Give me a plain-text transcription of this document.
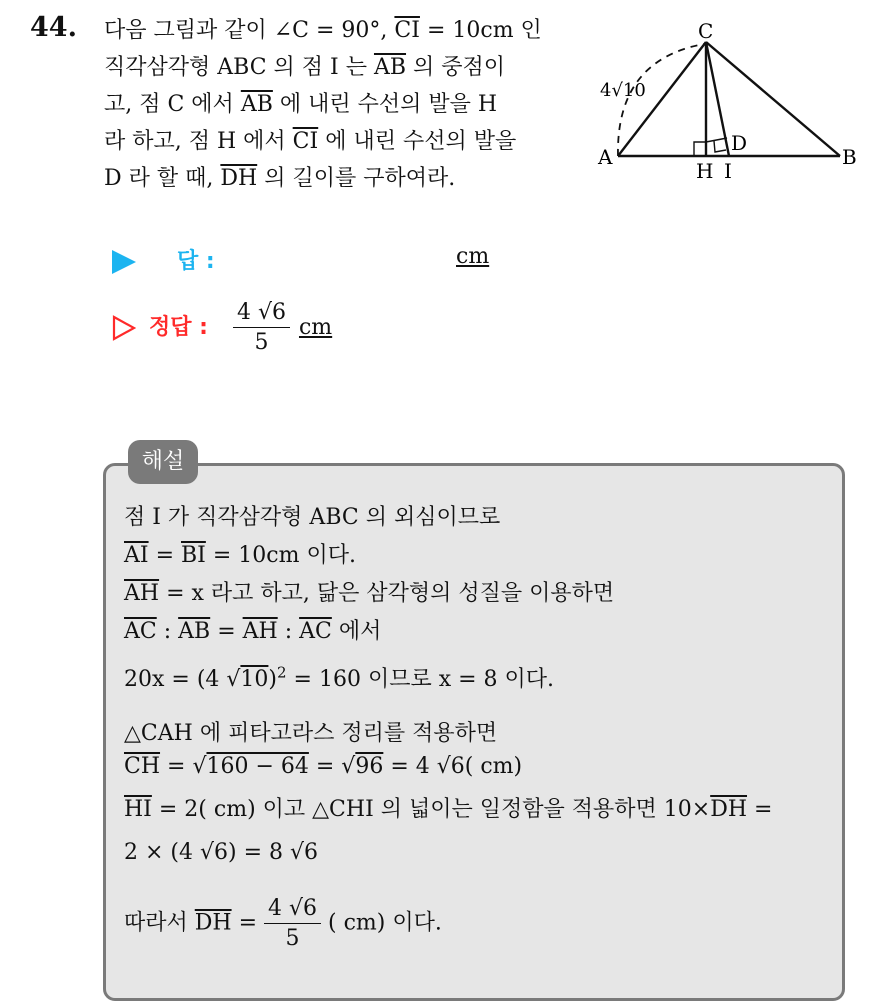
44. 다음 그림과 같이 ∠C = 90°, $\overline{CI} = 10cm$ 인
직각삼각형 ABC 의 점 I 는 $\overline{AB}$ 의 중점이
고, 점 C 에서 $\overline{AB}$ 에 내린 수선의 발을 H
라 하고, 점 H 에서 $\overline{CI}$ 에 내린 수선의 발을
D 라 할 때, $\overline{DH}$ 의 길이를 구하여라.
C
A	B
H I
D
4√10
답 :	cm
정답 : $\frac{4 √6}{5}$ cm
해설
점 I 가 직각삼각형 ABC 의 외심이므로
$\overline{AI} = \overline{BI} = 10cm$ 이다.
$\overline{AH} = x$ 라고 하고, 닮은 삼각형의 성질을 이용하면
$\overline{AC}$ : $\overline{AB} = \overline{AH}$ : $\overline{AC}$ 에서
20x = (4 √10)$^2$ = 160 이므로 x = 8 이다.
△CAH 에 피타고라스 정리를 적용하면
$\overline{CH} = √160 - 64 = √96 = 4$ √6( cm)
$\overline{HI} = 2$( cm) 이고 △CHI 의 넓이는 일정함을 적용하면 $10\times\overline{DH}$ =
2 × (4 √6) = 8 √6
따라서 $\overline{DH} = \frac{4 √6}{5}$ ( cm) 이다.
